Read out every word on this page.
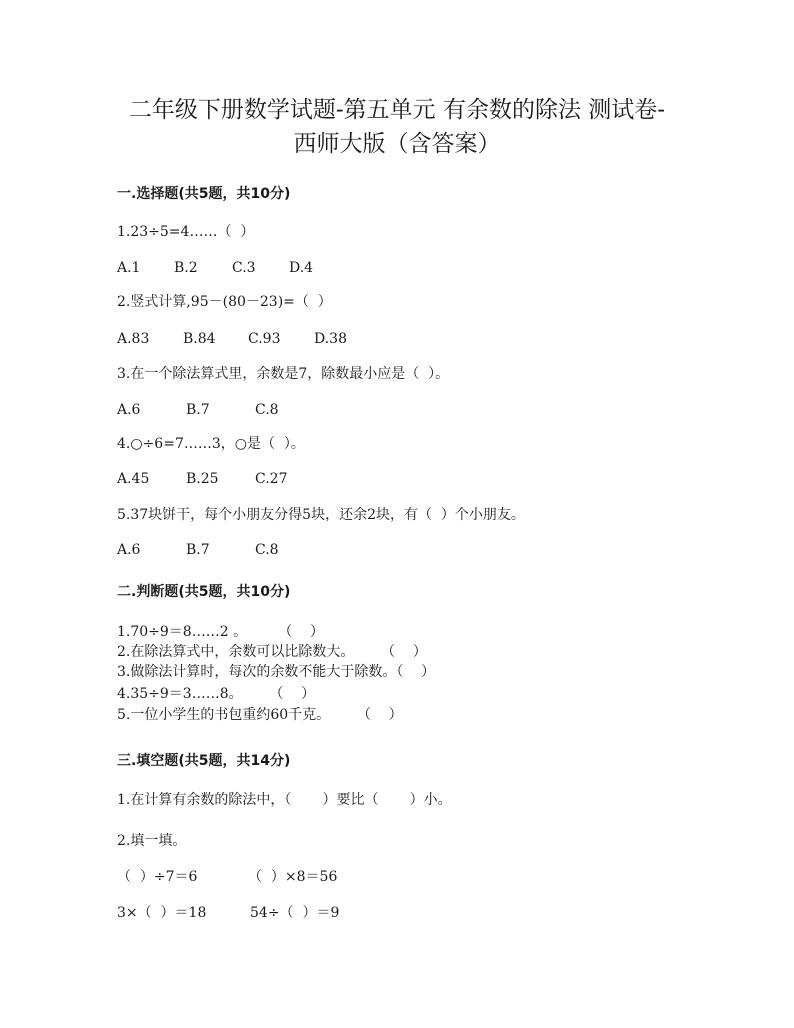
二年级下册数学试题-第五单元 有余数的除法 测试卷-
西师大版（含答案）
一.选择题(共5题，共10分)
1.23÷5=4……（  ）
A.1 B.2 C.3 D.4
2.竖式计算,95－(80－23)=（  ）
A.83 B.84 C.93 D.38
3.在一个除法算式里，余数是7，除数最小应是（  ）。
A.6	B.7	C.8
4.○÷6=7……3，○是（  ）。
A.45	B.25	C.27
5.37块饼干，每个小朋友分得5块，还余2块，有（  ）个小朋友。
A.6	B.7	C.8
二.判断题(共5题，共10分)
1.70÷9＝8……2 。       （    ）
2.在除法算式中，余数可以比除数大。      （    ）
3.做除法计算时，每次的余数不能大于除数。（    ）
4.35÷9＝3……8。      （    ）
5.一位小学生的书包重约60千克。      （    ）
三.填空题(共5题，共14分)
1.在计算有余数的除法中，（       ）要比（       ）小。
2.填一填。
（  ）÷7＝6	（  ）×8＝56
3×（  ）＝18	54÷（  ）＝9
